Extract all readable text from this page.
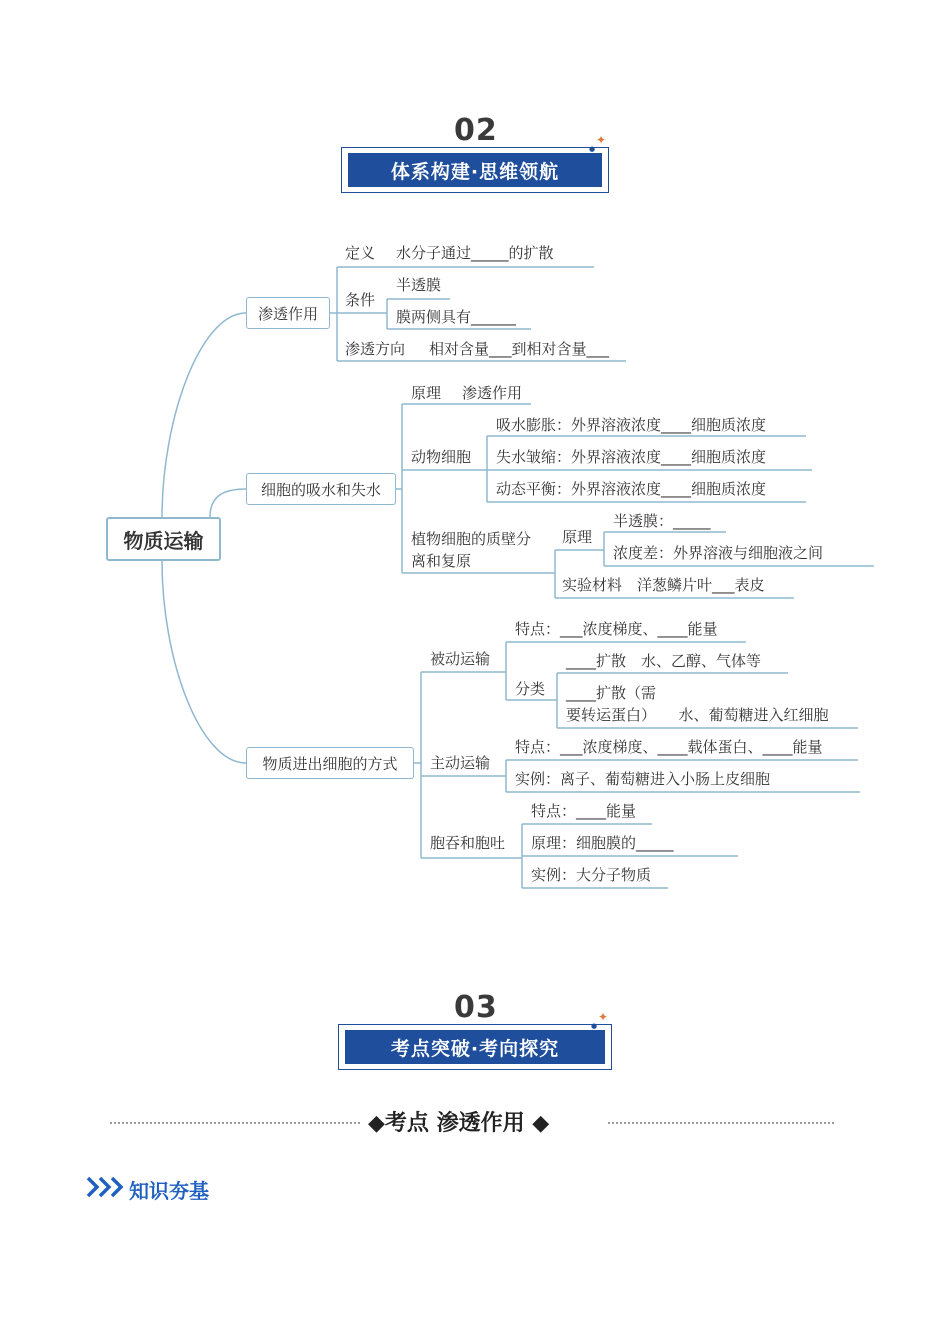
02
体系构建·思维领航
✦
●
物质运输
渗透作用
定义 水分子通过_____的扩散
条件
半透膜
膜两侧具有______
渗透方向 相对含量___到相对含量___
细胞的吸水和失水
原理 渗透作用
动物细胞
吸水膨胀：外界溶液浓度____细胞质浓度
失水皱缩：外界溶液浓度____细胞质浓度
动态平衡：外界溶液浓度____细胞质浓度
植物细胞的质壁分
离和复原
原理
半透膜：_____
浓度差：外界溶液与细胞液之间
实验材料　洋葱鳞片叶___表皮
物质进出细胞的方式
被动运输
特点：___浓度梯度、____能量
分类
____扩散　水、乙醇、气体等
____扩散（需
要转运蛋白）　　水、葡萄糖进入红细胞
主动运输
特点：___浓度梯度、____载体蛋白、____能量
实例：离子、葡萄糖进入小肠上皮细胞
胞吞和胞吐
特点：____能量
原理：细胞膜的_____
实例：大分子物质
03
考点突破·考向探究
✦
●
◆考点 渗透作用 ◆
知识夯基
